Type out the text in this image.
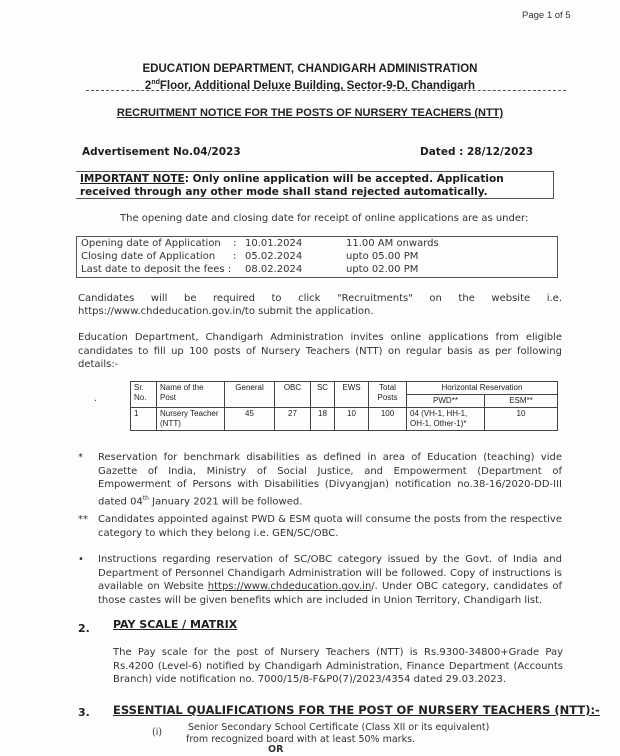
Page 1 of 5
EDUCATION DEPARTMENT, CHANDIGARH ADMINISTRATION
2ndFloor, Additional Deluxe Building, Sector-9-D, Chandigarh
RECRUITMENT NOTICE FOR THE POSTS OF NURSERY TEACHERS (NTT)
Advertisement No.04/2023	Dated : 28/12/2023
IMPORTANT NOTE: Only online application will be accepted. Application received through any other mode shall stand rejected automatically.
The opening date and closing date for receipt of online applications are as under:
Opening date of Application	: 10.01.2024	11.00 AM onwards
Closing date of Application	: 05.02.2024	upto 05.00 PM
Last date to deposit the fees :	08.02.2024	upto 02.00 PM
Candidates will be required to click "Recruitments" on the website i.e.
https://www.chdeducation.gov.in/to submit the application.
Education Department, Chandigarh Administration invites online applications from eligible candidates to fill up 100 posts of Nursery Teachers (NTT) on regular basis as per following details:-
·
Sr. No.	Name of the Post	General	OBC	SC	EWS	Total Posts	Horizontal Reservation	
							PWD**	ESM**
1	Nursery Teacher (NTT)	45	27	18	10	100	04 (VH-1, HH-1, OH-1, Other-1)*	10
*	Reservation for benchmark disabilities as defined in area of Education (teaching) vide Gazette of India, Ministry of Social Justice, and Empowerment (Department of Empowerment of Persons with Disabilities (Divyangjan) notification no.38-16/2020-DD-III dated 04th January 2021 will be followed.
**	Candidates appointed against PWD & ESM quota will consume the posts from the respective category to which they belong i.e. GEN/SC/OBC.
•	Instructions regarding reservation of SC/OBC category issued by the Govt. of India and Department of Personnel Chandigarh Administration will be followed. Copy of instructions is available on Website https://www.chdeducation.gov.in/. Under OBC category, candidates of those castes will be given benefits which are included in Union Territory, Chandigarh list.
2. PAY SCALE / MATRIX
The Pay scale for the post of Nursery Teachers (NTT) is Rs.9300-34800+Grade Pay Rs.4200 (Level-6) notified by Chandigarh Administration, Finance Department (Accounts Branch) vide notification no. 7000/15/8-F&P0(7)/2023/4354 dated 29.03.2023.
3. ESSENTIAL QUALIFICATIONS FOR THE POST OF NURSERY TEACHERS (NTT):-
(i)	Senior Secondary School Certificate (Class XII or its equivalent)
from recognized board with at least 50% marks.
OR
